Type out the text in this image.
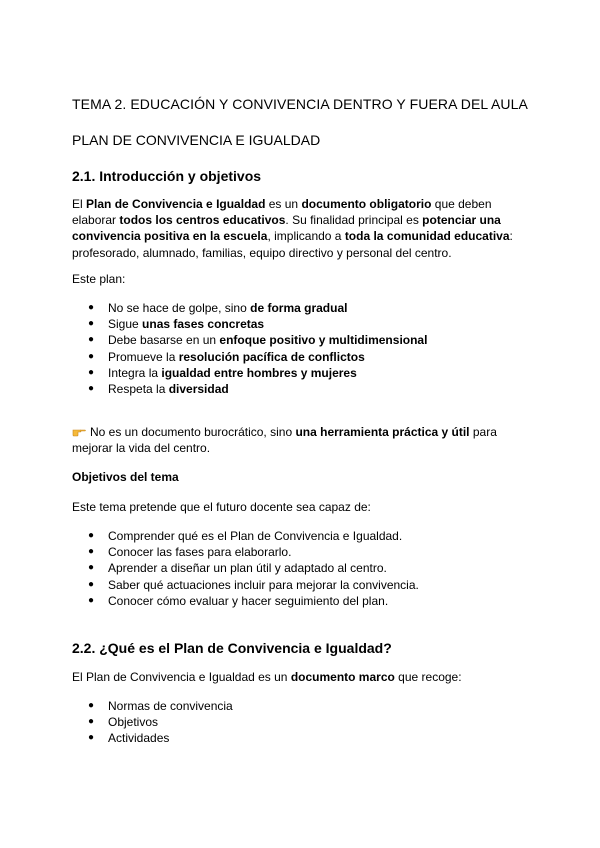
TEMA 2. EDUCACIÓN Y CONVIVENCIA DENTRO Y FUERA DEL AULA
PLAN DE CONVIVENCIA E IGUALDAD
2.1. Introducción y objetivos

El Plan de Convivencia e Igualdad es un documento obligatorio que deben elaborar todos los centros educativos. Su finalidad principal es potenciar una convivencia positiva en la escuela, implicando a toda la comunidad educativa: profesorado, alumnado, familias, equipo directivo y personal del centro.

Este plan:

● No se hace de golpe, sino de forma gradual
● Sigue unas fases concretas
● Debe basarse en un enfoque positivo y multidimensional
● Promueve la resolución pacífica de conflictos
● Integra la igualdad entre hombres y mujeres
● Respeta la diversidad

No es un documento burocrático, sino una herramienta práctica y útil para mejorar la vida del centro.

Objetivos del tema

Este tema pretende que el futuro docente sea capaz de:

● Comprender qué es el Plan de Convivencia e Igualdad.
● Conocer las fases para elaborarlo.
● Aprender a diseñar un plan útil y adaptado al centro.
● Saber qué actuaciones incluir para mejorar la convivencia.
● Conocer cómo evaluar y hacer seguimiento del plan.
2.2. ¿Qué es el Plan de Convivencia e Igualdad?

El Plan de Convivencia e Igualdad es un documento marco que recoge:

● Normas de convivencia
● Objetivos
● Actividades
